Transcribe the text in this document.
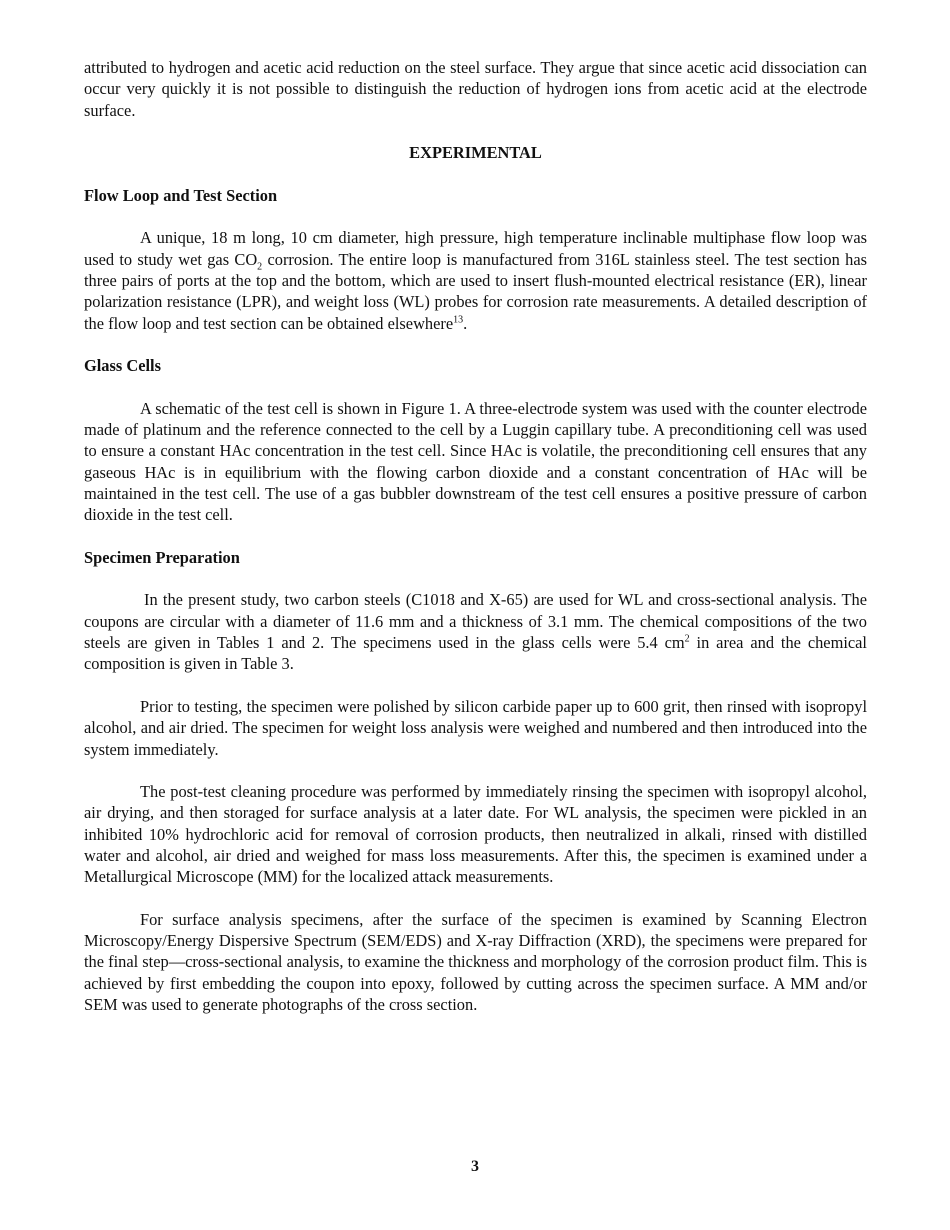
attributed to hydrogen and acetic acid reduction on the steel surface. They argue that since acetic acid dissociation can occur very quickly it is not possible to distinguish the reduction of hydrogen ions from acetic acid at the electrode surface.

EXPERIMENTAL
Flow Loop and Test Section

A unique, 18 m long, 10 cm diameter, high pressure, high temperature inclinable multiphase flow loop was used to study wet gas $CO_2$ corrosion. The entire loop is manufactured from 316L stainless steel. The test section has three pairs of ports at the top and the bottom, which are used to insert flush-mounted electrical resistance (ER), linear polarization resistance (LPR), and weight loss (WL) probes for corrosion rate measurements. A detailed description of the flow loop and test section can be obtained elsewhere$^{13}$.

Glass Cells

A schematic of the test cell is shown in Figure 1. A three-electrode system was used with the counter electrode made of platinum and the reference connected to the cell by a Luggin capillary tube. A preconditioning cell was used to ensure a constant HAc concentration in the test cell. Since HAc is volatile, the preconditioning cell ensures that any gaseous HAc is in equilibrium with the flowing carbon dioxide and a constant concentration of HAc will be maintained in the test cell. The use of a gas bubbler downstream of the test cell ensures a positive pressure of carbon dioxide in the test cell.

Specimen Preparation

In the present study, two carbon steels (C1018 and X-65) are used for WL and cross-sectional analysis. The coupons are circular with a diameter of 11.6 mm and a thickness of 3.1 mm. The chemical compositions of the two steels are given in Tables 1 and 2. The specimens used in the glass cells were 5.4 $cm^2$ in area and the chemical composition is given in Table 3.

Prior to testing, the specimen were polished by silicon carbide paper up to 600 grit, then rinsed with isopropyl alcohol, and air dried. The specimen for weight loss analysis were weighed and numbered and then introduced into the system immediately.

The post-test cleaning procedure was performed by immediately rinsing the specimen with isopropyl alcohol, air drying, and then storaged for surface analysis at a later date. For WL analysis, the specimen were pickled in an inhibited 10% hydrochloric acid for removal of corrosion products, then neutralized in alkali, rinsed with distilled water and alcohol, air dried and weighed for mass loss measurements. After this, the specimen is examined under a Metallurgical Microscope (MM) for the localized attack measurements.

For surface analysis specimens, after the surface of the specimen is examined by Scanning Electron Microscopy/Energy Dispersive Spectrum (SEM/EDS) and X-ray Diffraction (XRD), the specimens were prepared for the final step—cross-sectional analysis, to examine the thickness and morphology of the corrosion product film. This is achieved by first embedding the coupon into epoxy, followed by cutting across the specimen surface. A MM and/or SEM was used to generate photographs of the cross section.

3
